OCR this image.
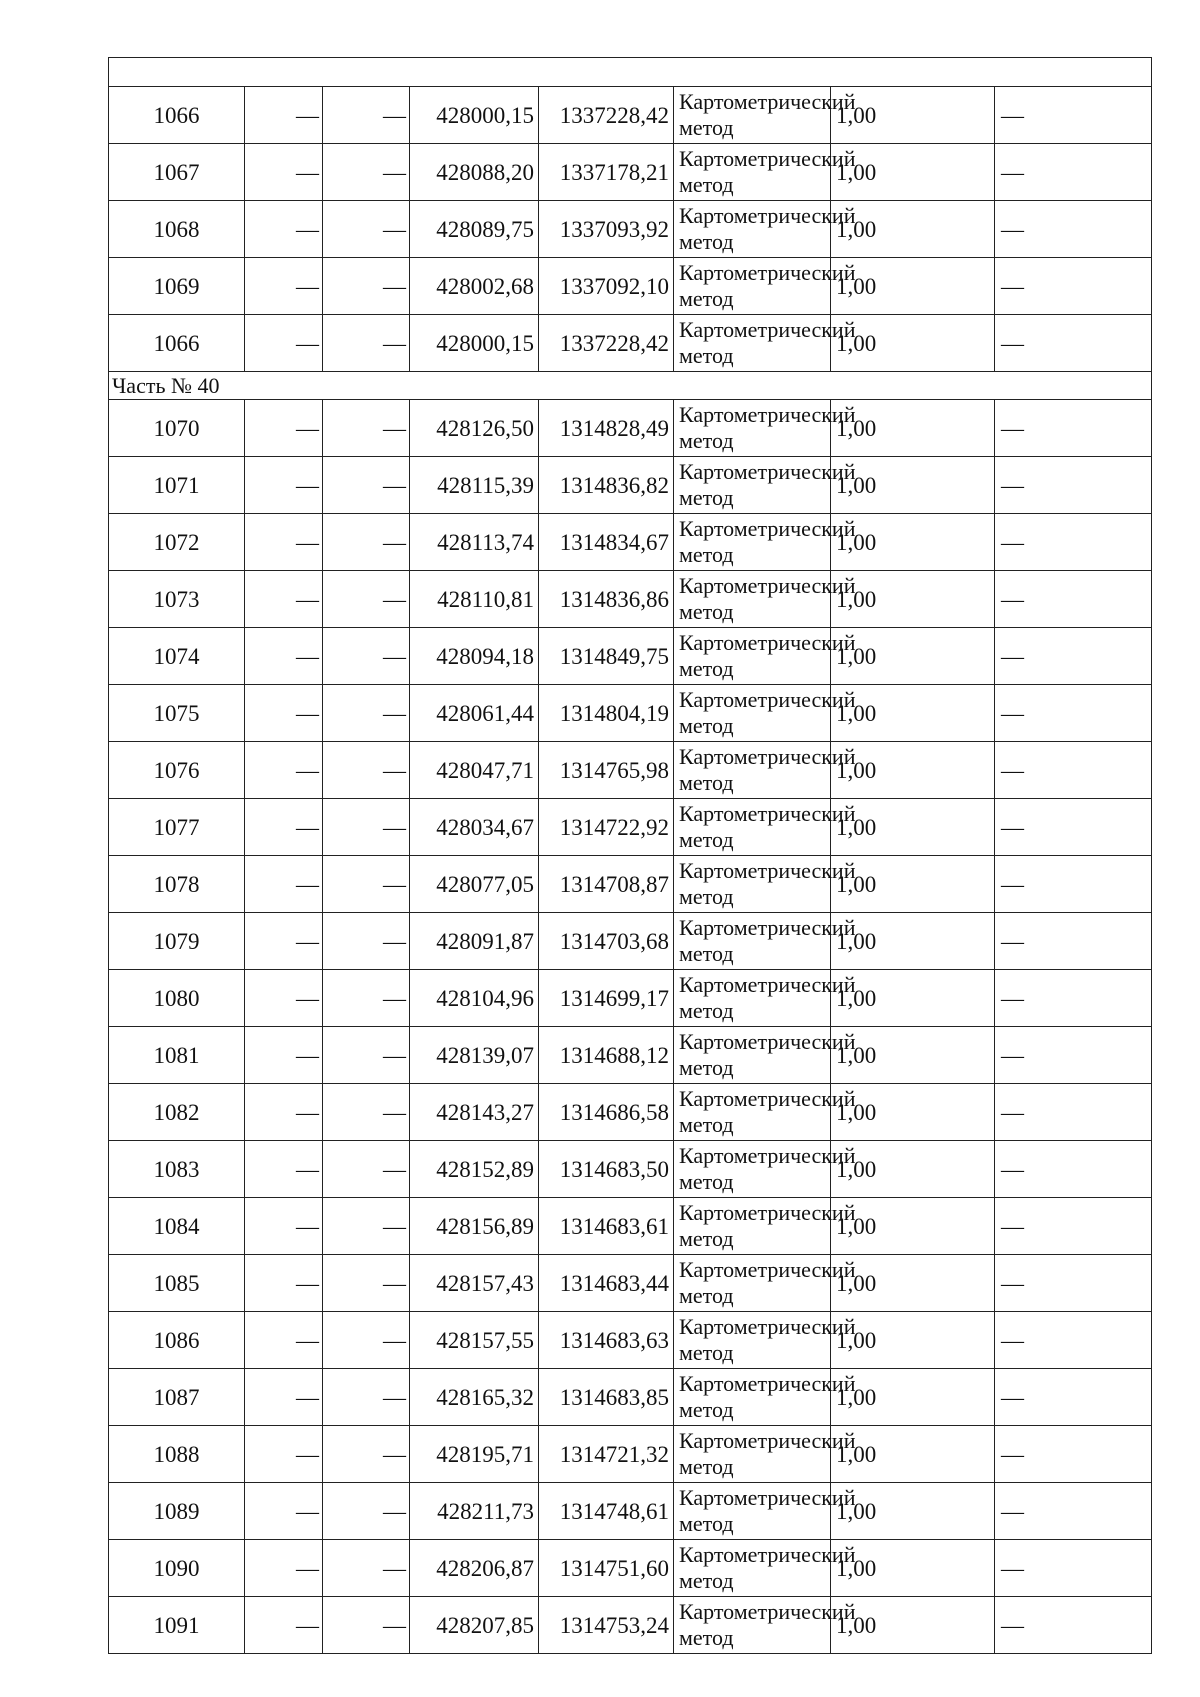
1066	—	—	428000,15	1337228,42	Картометрический метод	1,00	—
1067	—	—	428088,20	1337178,21	Картометрический метод	1,00	—
1068	—	—	428089,75	1337093,92	Картометрический метод	1,00	—
1069	—	—	428002,68	1337092,10	Картометрический метод	1,00	—
1066	—	—	428000,15	1337228,42	Картометрический метод	1,00	—
Часть № 40							
1070	—	—	428126,50	1314828,49	Картометрический метод	1,00	—
1071	—	—	428115,39	1314836,82	Картометрический метод	1,00	—
1072	—	—	428113,74	1314834,67	Картометрический метод	1,00	—
1073	—	—	428110,81	1314836,86	Картометрический метод	1,00	—
1074	—	—	428094,18	1314849,75	Картометрический метод	1,00	—
1075	—	—	428061,44	1314804,19	Картометрический метод	1,00	—
1076	—	—	428047,71	1314765,98	Картометрический метод	1,00	—
1077	—	—	428034,67	1314722,92	Картометрический метод	1,00	—
1078	—	—	428077,05	1314708,87	Картометрический метод	1,00	—
1079	—	—	428091,87	1314703,68	Картометрический метод	1,00	—
1080	—	—	428104,96	1314699,17	Картометрический метод	1,00	—
1081	—	—	428139,07	1314688,12	Картометрический метод	1,00	—
1082	—	—	428143,27	1314686,58	Картометрический метод	1,00	—
1083	—	—	428152,89	1314683,50	Картометрический метод	1,00	—
1084	—	—	428156,89	1314683,61	Картометрический метод	1,00	—
1085	—	—	428157,43	1314683,44	Картометрический метод	1,00	—
1086	—	—	428157,55	1314683,63	Картометрический метод	1,00	—
1087	—	—	428165,32	1314683,85	Картометрический метод	1,00	—
1088	—	—	428195,71	1314721,32	Картометрический метод	1,00	—
1089	—	—	428211,73	1314748,61	Картометрический метод	1,00	—
1090	—	—	428206,87	1314751,60	Картометрический метод	1,00	—
1091	—	—	428207,85	1314753,24	Картометрический метод	1,00	—
